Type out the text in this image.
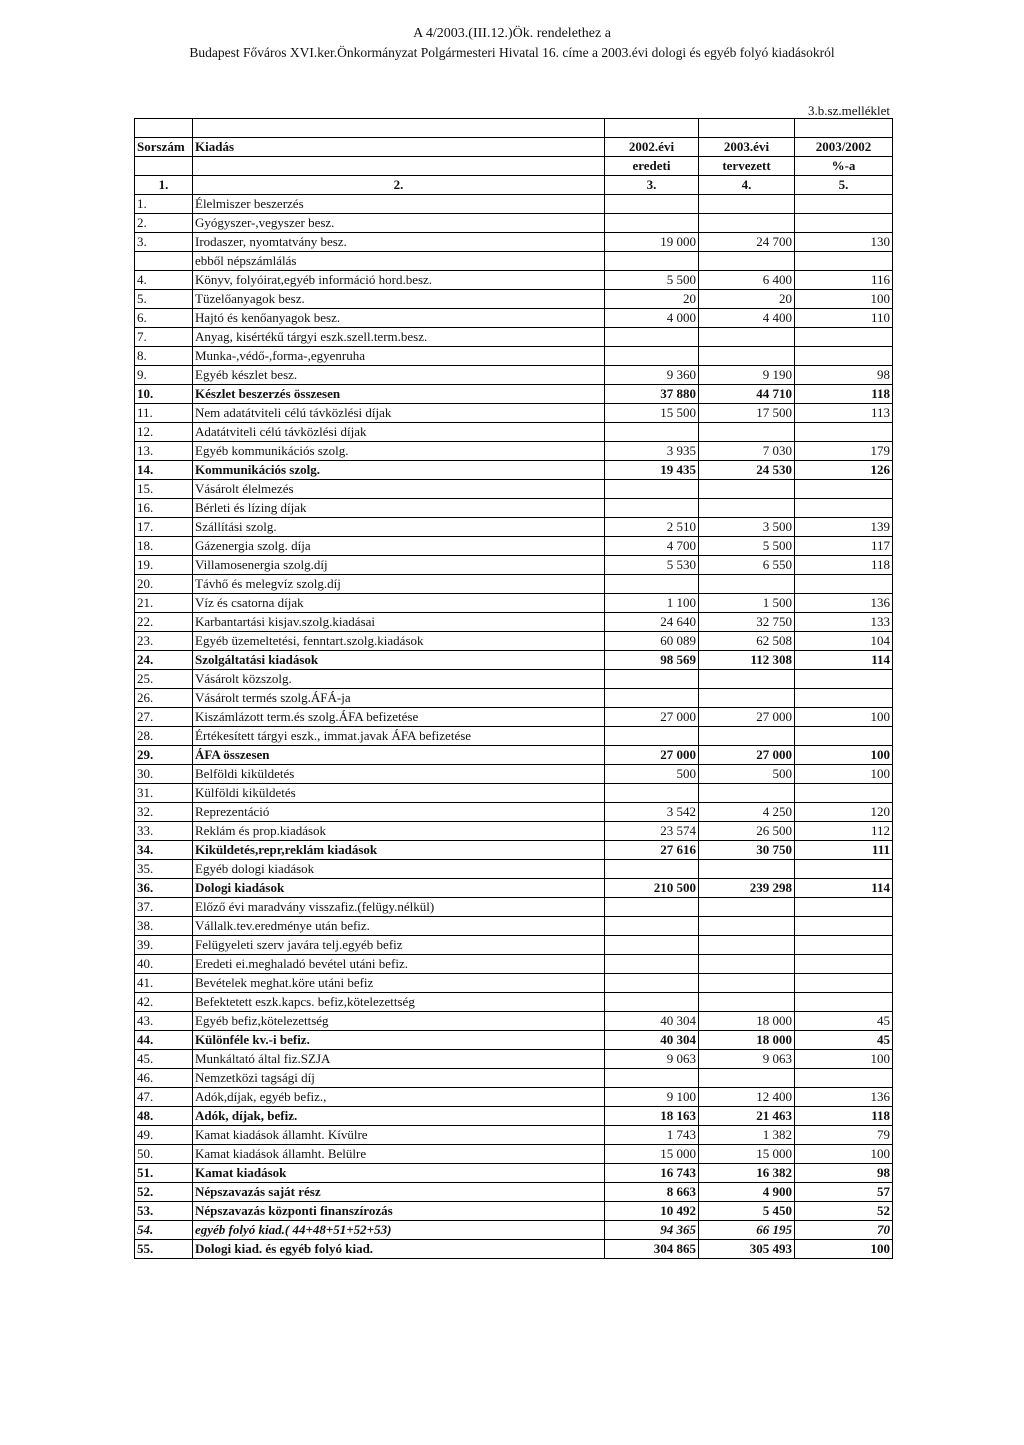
A 4/2003.(III.12.)Ök. rendelethez a
Budapest Főváros XVI.ker.Önkormányzat Polgármesteri Hivatal 16. címe a 2003.évi dologi és egyéb folyó kiadásokról
3.b.sz.melléklet

Sorszám	Kiadás	2002.évi	2003.évi	2003/2002
		eredeti	tervezett	%-a
1.	2.	3.	4.	5.
1.	Élelmiszer beszerzés			
2.	Gyógyszer-,vegyszer besz.			
3.	Irodaszer, nyomtatvány besz.	19 000	24 700	130
	ebből népszámlálás			
4.	Könyv, folyóirat,egyéb információ hord.besz.	5 500	6 400	116
5.	Tüzelőanyagok besz.	20	20	100
6.	Hajtó és kenőanyagok besz.	4 000	4 400	110
7.	Anyag, kisértékű tárgyi eszk.szell.term.besz.			
8.	Munka-,védő-,forma-,egyenruha			
9.	Egyéb készlet besz.	9 360	9 190	98
10.	Készlet beszerzés összesen	37 880	44 710	118
11.	Nem adatátviteli célú távközlési díjak	15 500	17 500	113
12.	Adatátviteli célú távközlési díjak			
13.	Egyéb kommunikációs szolg.	3 935	7 030	179
14.	Kommunikációs szolg.	19 435	24 530	126
15.	Vásárolt élelmezés			
16.	Bérleti és lízing díjak			
17.	Szállítási szolg.	2 510	3 500	139
18.	Gázenergia szolg. díja	4 700	5 500	117
19.	Villamosenergia szolg.díj	5 530	6 550	118
20.	Távhő és melegvíz szolg.díj			
21.	Víz és csatorna díjak	1 100	1 500	136
22.	Karbantartási kisjav.szolg.kiadásai	24 640	32 750	133
23.	Egyéb üzemeltetési, fenntart.szolg.kiadások	60 089	62 508	104
24.	Szolgáltatási kiadások	98 569	112 308	114
25.	Vásárolt közszolg.			
26.	Vásárolt termés szolg.ÁFÁ-ja			
27.	Kiszámlázott term.és szolg.ÁFA befizetése	27 000	27 000	100
28.	Értékesített tárgyi eszk., immat.javak ÁFA befizetése			
29.	ÁFA összesen	27 000	27 000	100
30.	Belföldi kiküldetés	500	500	100
31.	Külföldi kiküldetés			
32.	Reprezentáció	3 542	4 250	120
33.	Reklám és prop.kiadások	23 574	26 500	112
34.	Kiküldetés,repr,reklám kiadások	27 616	30 750	111
35.	Egyéb dologi kiadások			
36.	Dologi kiadások	210 500	239 298	114
37.	Előző évi maradvány visszafiz.(felügy.nélkül)			
38.	Vállalk.tev.eredménye után befiz.			
39.	Felügyeleti szerv javára telj.egyéb befiz			
40.	Eredeti ei.meghaladó bevétel utáni befiz.			
41.	Bevételek meghat.köre utáni befiz			
42.	Befektetett eszk.kapcs. befiz,kötelezettség			
43.	Egyéb befiz,kötelezettség	40 304	18 000	45
44.	Különféle kv.-i befiz.	40 304	18 000	45
45.	Munkáltató által fiz.SZJA	9 063	9 063	100
46.	Nemzetközi tagsági díj			
47.	Adók,díjak, egyéb befiz.,	9 100	12 400	136
48.	Adók, díjak, befiz.	18 163	21 463	118
49.	Kamat kiadások államht. Kívülre	1 743	1 382	79
50.	Kamat kiadások államht. Belülre	15 000	15 000	100
51.	Kamat kiadások	16 743	16 382	98
52.	Népszavazás saját rész	8 663	4 900	57
53.	Népszavazás központi finanszírozás	10 492	5 450	52
54.	egyéb folyó kiad.( 44+48+51+52+53)	94 365	66 195	70
55.	Dologi kiad. és egyéb folyó kiad.	304 865	305 493	100
